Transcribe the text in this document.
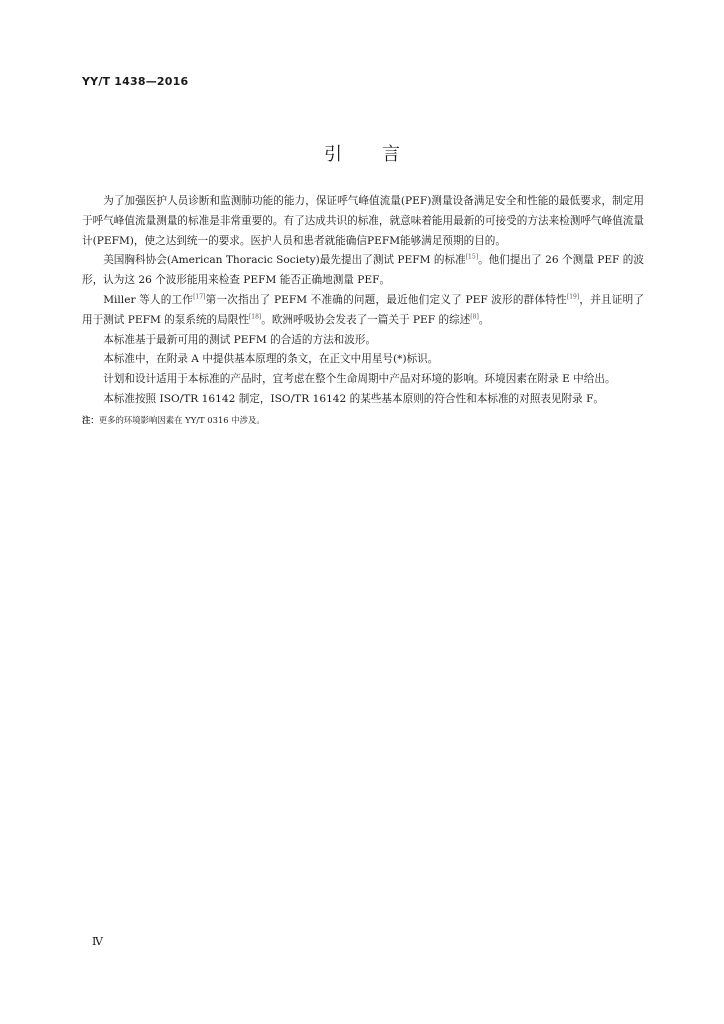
YY/T 1438—2016
引言

为了加强医护人员诊断和监测肺功能的能力，保证呼气峰值流量(PEF)测量设备满足安全和性能的最低要求，制定用于呼气峰值流量测量的标准是非常重要的。有了达成共识的标准，就意味着能用最新的可接受的方法来检测呼气峰值流量计(PEFM)，使之达到统一的要求。医护人员和患者就能确信PEFM能够满足预期的目的。

美国胸科协会(American Thoracic Society)最先提出了测试 PEFM 的标准[15]。他们提出了 26 个测量 PEF 的波形，认为这 26 个波形能用来检查 PEFM 能否正确地测量 PEF。

Miller 等人的工作[17]第一次指出了 PEFM 不准确的问题，最近他们定义了 PEF 波形的群体特性[19]，并且证明了用于测试 PEFM 的泵系统的局限性[18]。欧洲呼吸协会发表了一篇关于 PEF 的综述[8]。

本标准基于最新可用的测试 PEFM 的合适的方法和波形。

本标准中，在附录 A 中提供基本原理的条文，在正文中用星号(*)标识。

计划和设计适用于本标准的产品时，宜考虑在整个生命周期中产品对环境的影响。环境因素在附录 E 中给出。

本标准按照 ISO/TR 16142 制定，ISO/TR 16142 的某些基本原则的符合性和本标准的对照表见附录 F。

注：更多的环境影响因素在 YY/T 0316 中涉及。

Ⅳ
